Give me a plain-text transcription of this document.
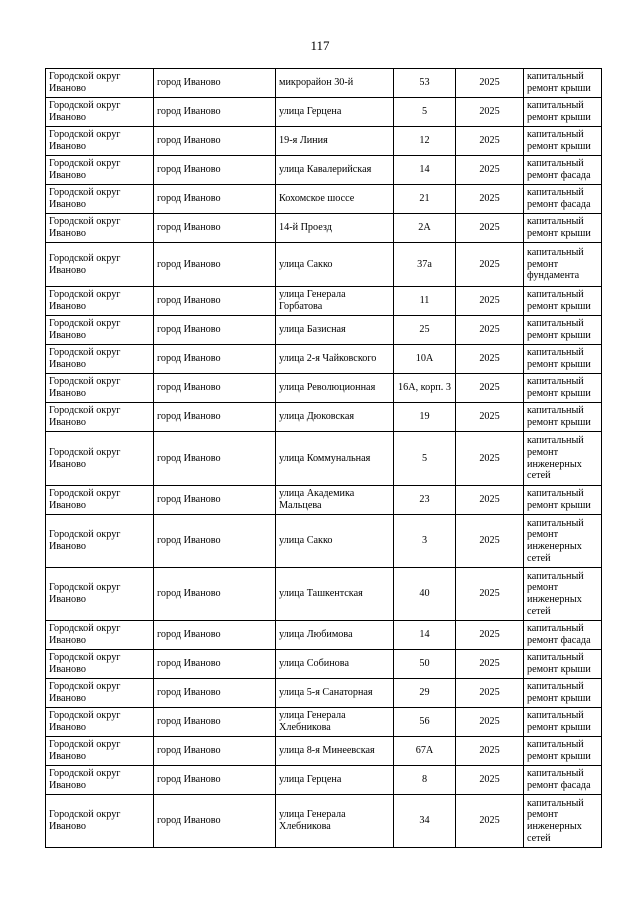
117
Городской округ Иваново	город Иваново	микрорайон 30-й	53	2025	капитальный ремонт крыши
Городской округ Иваново	город Иваново	улица Герцена	5	2025	капитальный ремонт крыши
Городской округ Иваново	город Иваново	19-я Линия	12	2025	капитальный ремонт крыши
Городской округ Иваново	город Иваново	улица Кавалерийская	14	2025	капитальный ремонт фасада
Городской округ Иваново	город Иваново	Кохомское шоссе	21	2025	капитальный ремонт фасада
Городской округ Иваново	город Иваново	14-й Проезд	2А	2025	капитальный ремонт крыши
Городской округ Иваново	город Иваново	улица Сакко	37а	2025	капитальный ремонт фундамента
Городской округ Иваново	город Иваново	улица Генерала Горбатова	11	2025	капитальный ремонт крыши
Городской округ Иваново	город Иваново	улица Базисная	25	2025	капитальный ремонт крыши
Городской округ Иваново	город Иваново	улица 2-я Чайковского	10А	2025	капитальный ремонт крыши
Городской округ Иваново	город Иваново	улица Революционная	16А, корп. 3	2025	капитальный ремонт крыши
Городской округ Иваново	город Иваново	улица Дюковская	19	2025	капитальный ремонт крыши
Городской округ Иваново	город Иваново	улица Коммунальная	5	2025	капитальный ремонт инженерных сетей
Городской округ Иваново	город Иваново	улица Академика Мальцева	23	2025	капитальный ремонт крыши
Городской округ Иваново	город Иваново	улица Сакко	3	2025	капитальный ремонт инженерных сетей
Городской округ Иваново	город Иваново	улица Ташкентская	40	2025	капитальный ремонт инженерных сетей
Городской округ Иваново	город Иваново	улица Любимова	14	2025	капитальный ремонт фасада
Городской округ Иваново	город Иваново	улица Собинова	50	2025	капитальный ремонт крыши
Городской округ Иваново	город Иваново	улица 5-я Санаторная	29	2025	капитальный ремонт крыши
Городской округ Иваново	город Иваново	улица Генерала Хлебникова	56	2025	капитальный ремонт крыши
Городской округ Иваново	город Иваново	улица 8-я Минеевская	67А	2025	капитальный ремонт крыши
Городской округ Иваново	город Иваново	улица Герцена	8	2025	капитальный ремонт фасада
Городской округ Иваново	город Иваново	улица Генерала Хлебникова	34	2025	капитальный ремонт инженерных сетей
